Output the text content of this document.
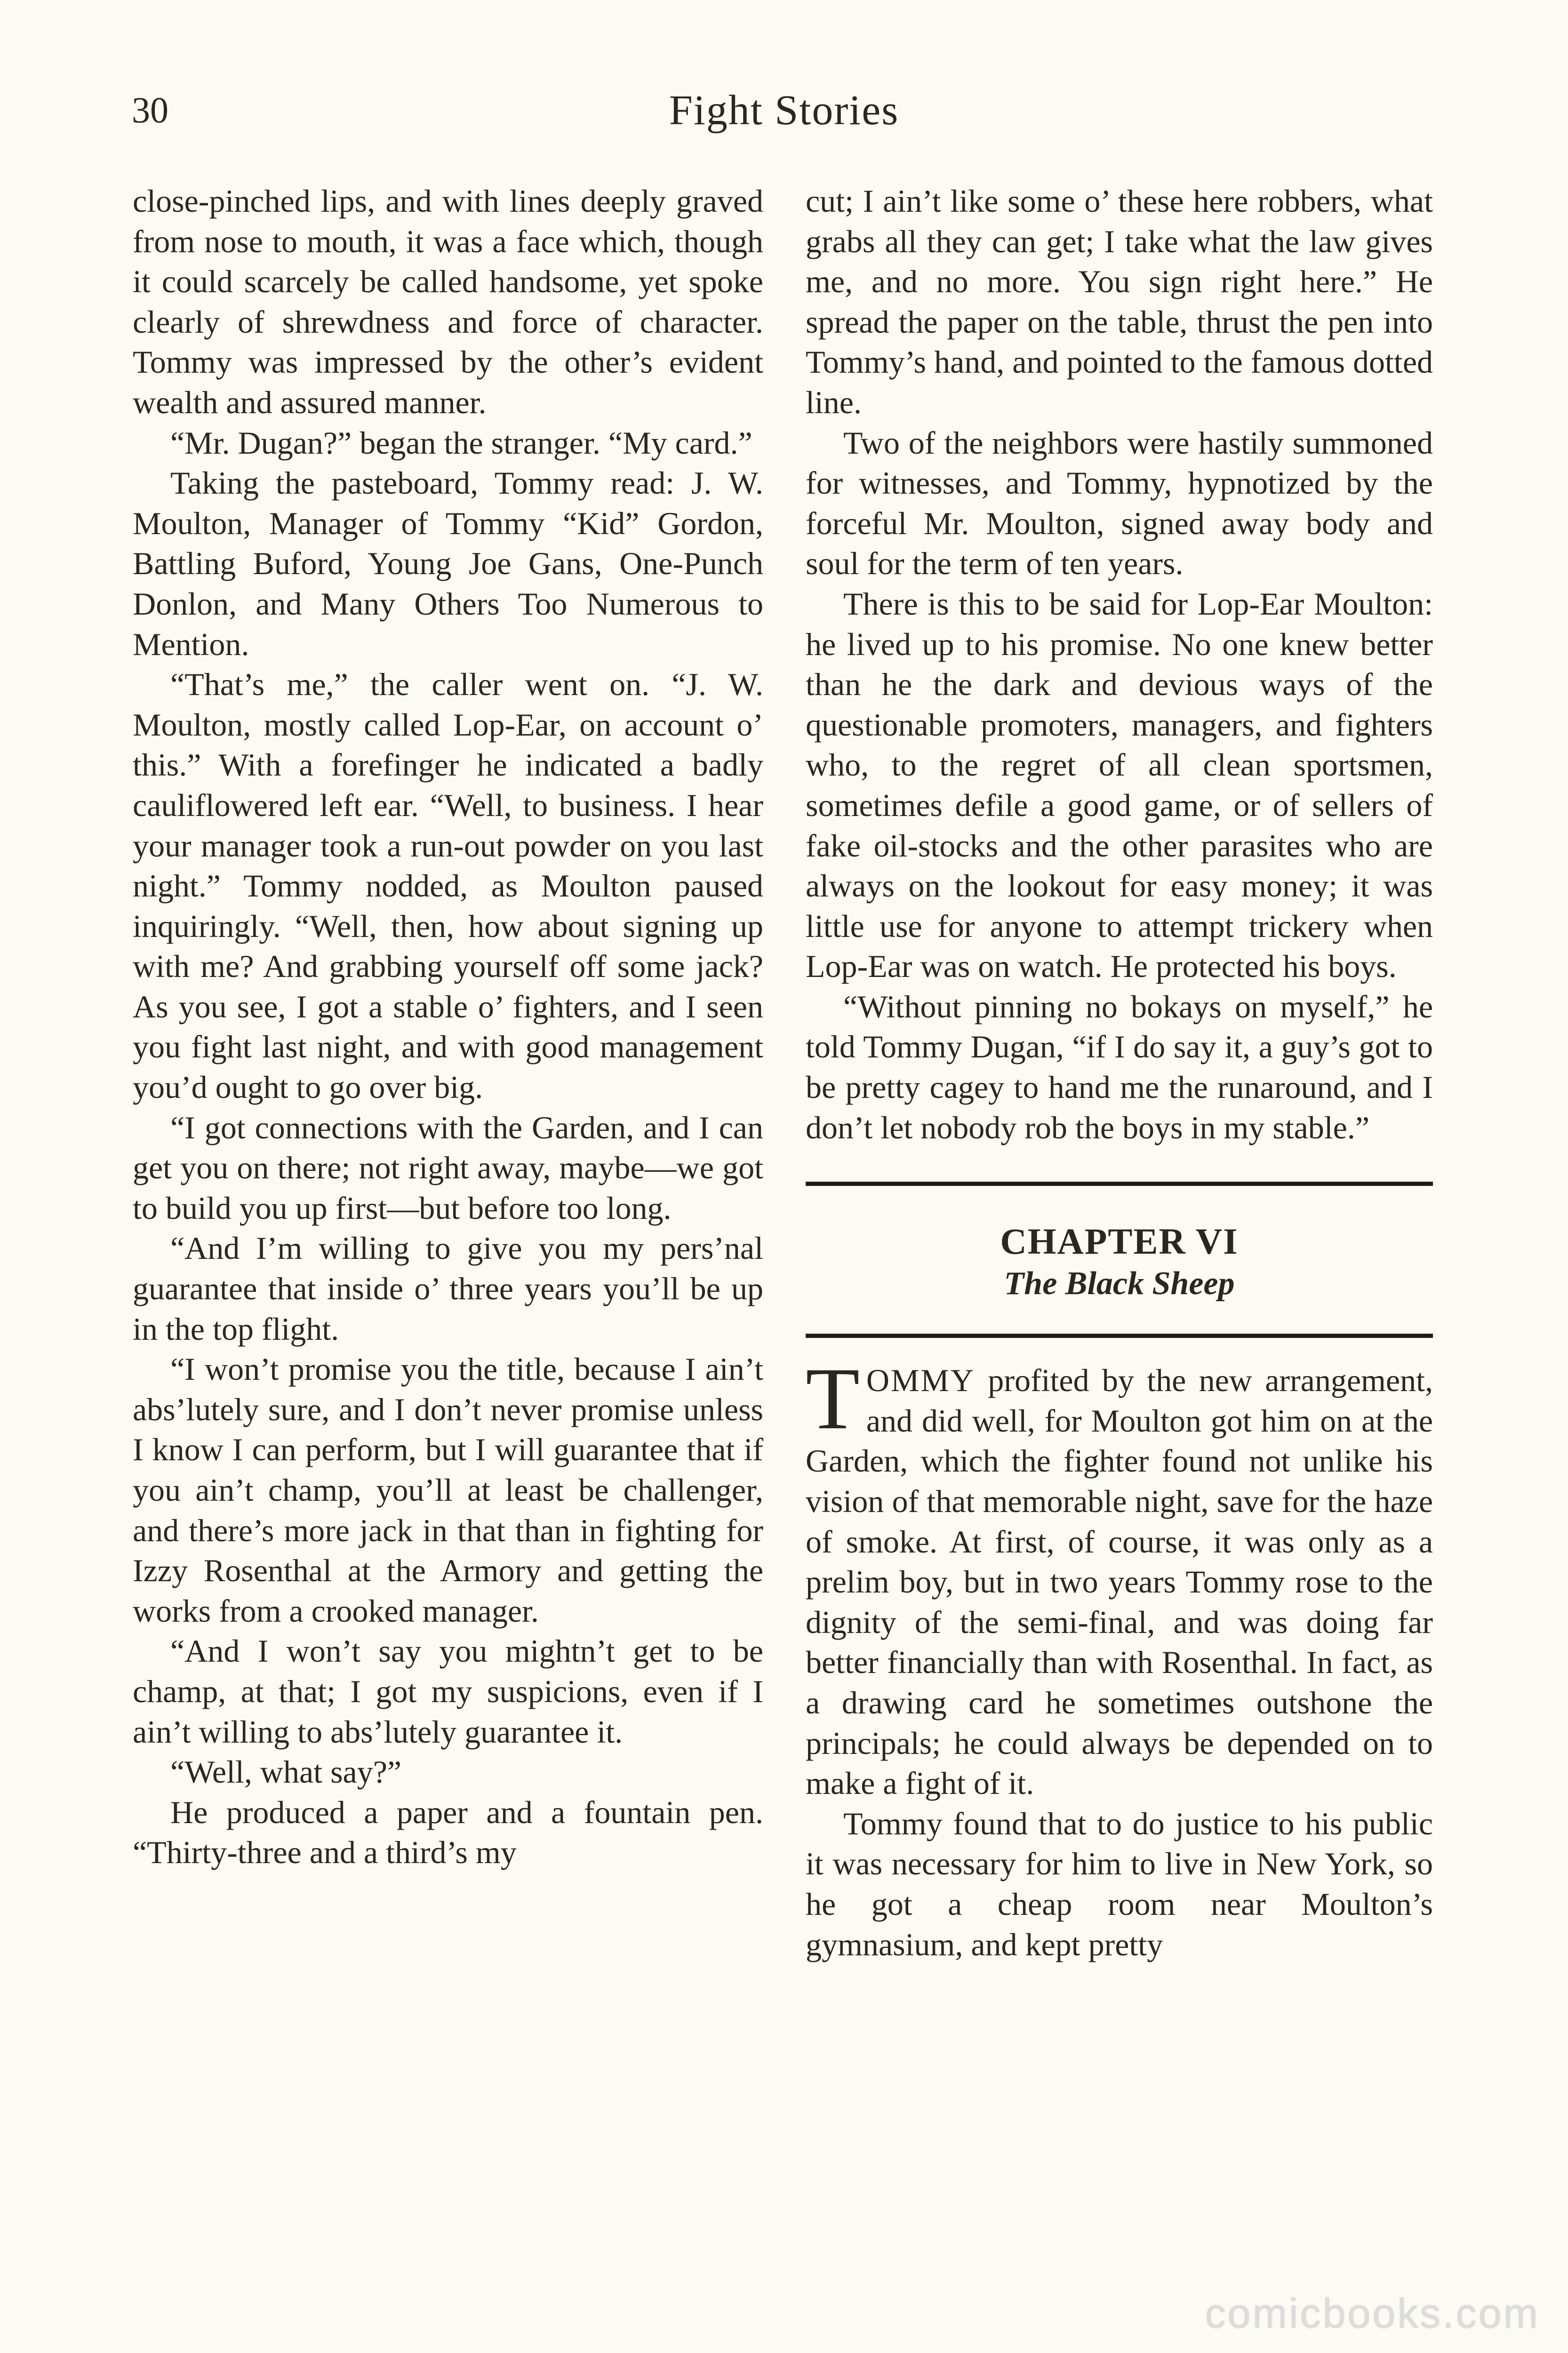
30	Fight Stories

close-pinched lips, and with lines deeply graved from nose to mouth, it was a face which, though it could scarcely be called handsome, yet spoke clearly of shrewdness and force of character. Tommy was impressed by the other’s evident wealth and assured manner.

“Mr. Dugan?” began the stranger. “My card.”

Taking the pasteboard, Tommy read: J. W. Moulton, Manager of Tommy “Kid” Gordon, Battling Buford, Young Joe Gans, One-Punch Donlon, and Many Others Too Numerous to Mention.

“That’s me,” the caller went on. “J. W. Moulton, mostly called Lop-Ear, on account o’ this.” With a forefinger he indicated a badly cauliflowered left ear. “Well, to business. I hear your manager took a run-out powder on you last night.” Tommy nodded, as Moulton paused inquiringly. “Well, then, how about signing up with me? And grabbing yourself off some jack? As you see, I got a stable o’ fighters, and I seen you fight last night, and with good management you’d ought to go over big.

“I got connections with the Garden, and I can get you on there; not right away, maybe—we got to build you up first—but before too long.

“And I’m willing to give you my pers’nal guarantee that inside o’ three years you’ll be up in the top flight.

“I won’t promise you the title, because I ain’t abs’lutely sure, and I don’t never promise unless I know I can perform, but I will guarantee that if you ain’t champ, you’ll at least be challenger, and there’s more jack in that than in fighting for Izzy Rosenthal at the Armory and getting the works from a crooked manager.

“And I won’t say you mightn’t get to be champ, at that; I got my suspicions, even if I ain’t willing to abs’lutely guarantee it.

“Well, what say?”

He produced a paper and a fountain pen. “Thirty-three and a third’s my

cut; I ain’t like some o’ these here robbers, what grabs all they can get; I take what the law gives me, and no more. You sign right here.” He spread the paper on the table, thrust the pen into Tommy’s hand, and pointed to the famous dotted line.

Two of the neighbors were hastily summoned for witnesses, and Tommy, hypnotized by the forceful Mr. Moulton, signed away body and soul for the term of ten years.

There is this to be said for Lop-Ear Moulton: he lived up to his promise. No one knew better than he the dark and devious ways of the questionable promoters, managers, and fighters who, to the regret of all clean sportsmen, sometimes defile a good game, or of sellers of fake oil-stocks and the other parasites who are always on the lookout for easy money; it was little use for anyone to attempt trickery when Lop-Ear was on watch. He protected his boys.

“Without pinning no bokays on myself,” he told Tommy Dugan, “if I do say it, a guy’s got to be pretty cagey to hand me the runaround, and I don’t let nobody rob the boys in my stable.”

CHAPTER VI
The Black Sheep

TOMMY profited by the new arrangement, and did well, for Moulton got him on at the Garden, which the fighter found not unlike his vision of that memorable night, save for the haze of smoke. At first, of course, it was only as a prelim boy, but in two years Tommy rose to the dignity of the semi-final, and was doing far better financially than with Rosenthal. In fact, as a drawing card he sometimes outshone the principals; he could always be depended on to make a fight of it.

Tommy found that to do justice to his public it was necessary for him to live in New York, so he got a cheap room near Moulton’s gymnasium, and kept pretty

comicbooks.com
